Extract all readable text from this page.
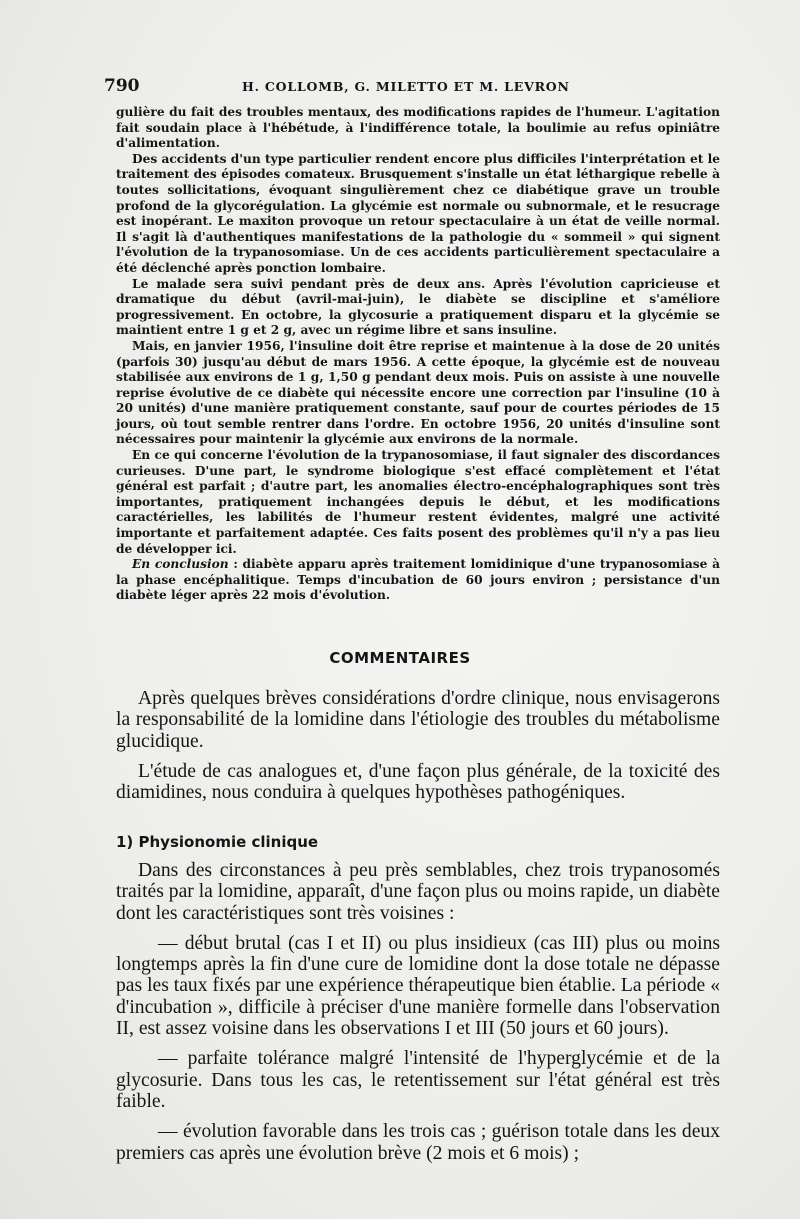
790	H. COLLOMB, G. MILETTO ET M. LEVRON

gulière du fait des troubles mentaux, des modifications rapides de l'humeur. L'agitation fait soudain place à l'hébétude, à l'indifférence totale, la boulimie au refus opiniâtre d'alimentation.

Des accidents d'un type particulier rendent encore plus difficiles l'interprétation et le traitement des épisodes comateux. Brusquement s'installe un état léthargique rebelle à toutes sollicitations, évoquant singulièrement chez ce diabétique grave un trouble profond de la glycorégulation. La glycémie est normale ou subnormale, et le resucrage est inopérant. Le maxiton provoque un retour spectaculaire à un état de veille normal. Il s'agit là d'authentiques manifestations de la pathologie du « sommeil » qui signent l'évolution de la trypanosomiase. Un de ces accidents particulièrement spectaculaire a été déclenché après ponction lombaire.

Le malade sera suivi pendant près de deux ans. Après l'évolution capricieuse et dramatique du début (avril-mai-juin), le diabète se discipline et s'améliore progressivement. En octobre, la glycosurie a pratiquement disparu et la glycémie se maintient entre 1 g et 2 g, avec un régime libre et sans insuline.

Mais, en janvier 1956, l'insuline doit être reprise et maintenue à la dose de 20 unités (parfois 30) jusqu'au début de mars 1956. A cette époque, la glycémie est de nouveau stabilisée aux environs de 1 g, 1,50 g pendant deux mois. Puis on assiste à une nouvelle reprise évolutive de ce diabète qui nécessite encore une correction par l'insuline (10 à 20 unités) d'une manière pratiquement constante, sauf pour de courtes périodes de 15 jours, où tout semble rentrer dans l'ordre. En octobre 1956, 20 unités d'insuline sont nécessaires pour maintenir la glycémie aux environs de la normale.

En ce qui concerne l'évolution de la trypanosomiase, il faut signaler des discordances curieuses. D'une part, le syndrome biologique s'est effacé complètement et l'état général est parfait ; d'autre part, les anomalies électro-encéphalographiques sont très importantes, pratiquement inchangées depuis le début, et les modifications caractérielles, les labilités de l'humeur restent évidentes, malgré une activité importante et parfaitement adaptée. Ces faits posent des problèmes qu'il n'y a pas lieu de développer ici.

En conclusion : diabète apparu après traitement lomidinique d'une trypanosomiase à la phase encéphalitique. Temps d'incubation de 60 jours environ ; persistance d'un diabète léger après 22 mois d'évolution.

COMMENTAIRES

Après quelques brèves considérations d'ordre clinique, nous envisagerons la responsabilité de la lomidine dans l'étiologie des troubles du métabolisme glucidique.

L'étude de cas analogues et, d'une façon plus générale, de la toxicité des diamidines, nous conduira à quelques hypothèses pathogéniques.

1) Physionomie clinique

Dans des circonstances à peu près semblables, chez trois trypanosomés traités par la lomidine, apparaît, d'une façon plus ou moins rapide, un diabète dont les caractéristiques sont très voisines :

— début brutal (cas I et II) ou plus insidieux (cas III) plus ou moins longtemps après la fin d'une cure de lomidine dont la dose totale ne dépasse pas les taux fixés par une expérience thérapeutique bien établie. La période « d'incubation », difficile à préciser d'une manière formelle dans l'observation II, est assez voisine dans les observations I et III (50 jours et 60 jours).

— parfaite tolérance malgré l'intensité de l'hyperglycémie et de la glycosurie. Dans tous les cas, le retentissement sur l'état général est très faible.

— évolution favorable dans les trois cas ; guérison totale dans les deux premiers cas après une évolution brève (2 mois et 6 mois) ;
